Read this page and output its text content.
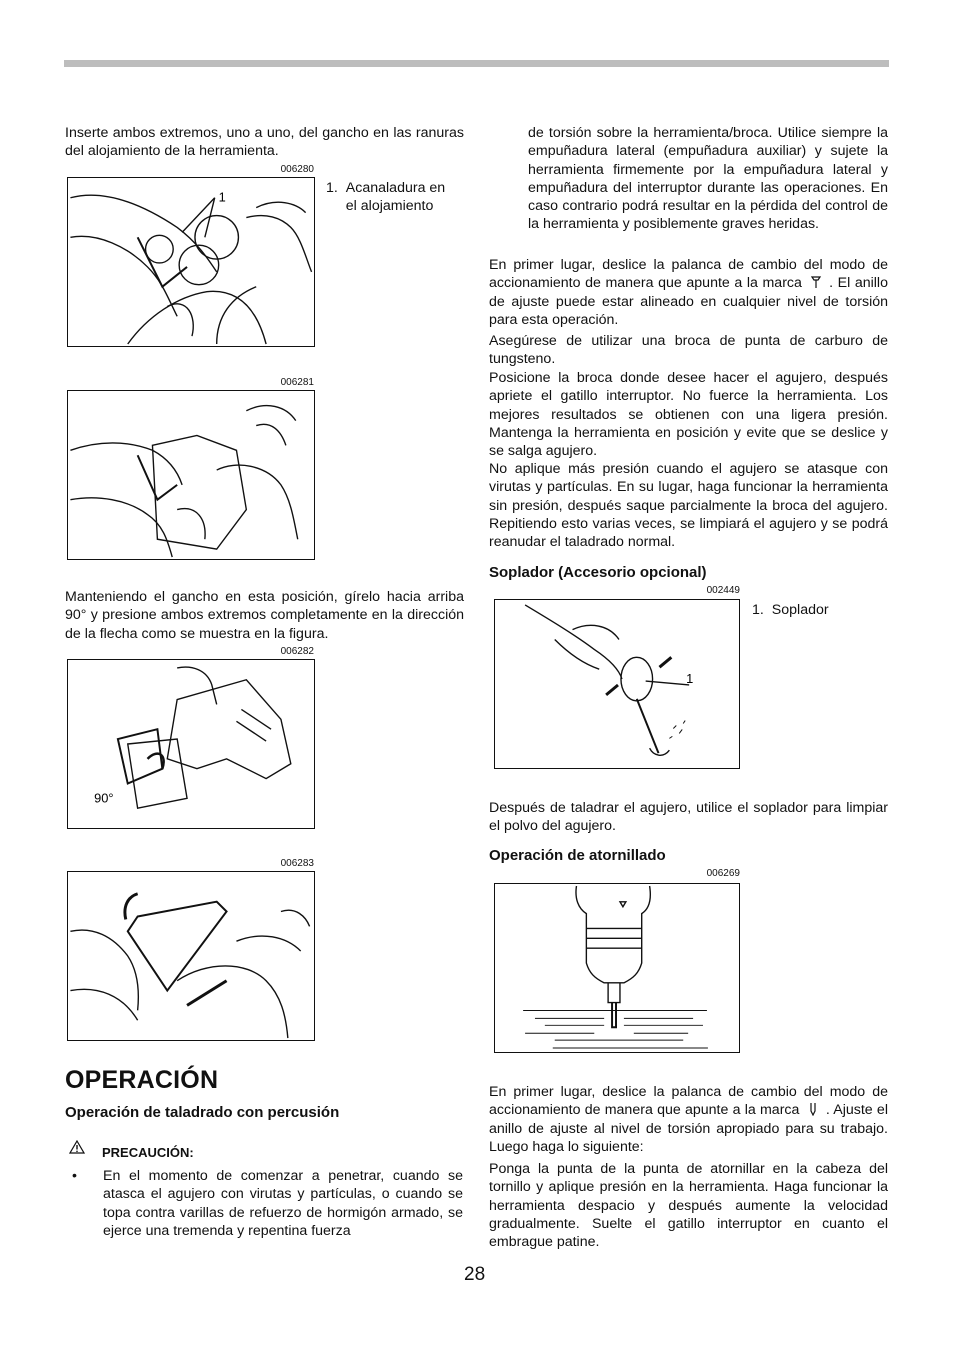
Inserte ambos extremos, uno a uno, del gancho en las ranuras del alojamiento de la herramienta.

006280
1
1. Acanaladura en el alojamiento
006281

Manteniendo el gancho en esta posición, gírelo hacia arriba 90° y presione ambos extremos completamente en la dirección de la flecha como se muestra en la figura.

006282
90°
006283
OPERACIÓN
Operación de taladrado con percusión
PRECAUCIÓN:
• En el momento de comenzar a penetrar, cuando se atasca el agujero con virutas y partículas, o cuando se topa contra varillas de refuerzo de hormigón armado, se ejerce una tremenda y repentina fuerza

de torsión sobre la herramienta/broca. Utilice siempre la empuñadura lateral (empuñadura auxiliar) y sujete la herramienta firmemente por la empuñadura lateral y empuñadura del interruptor durante las operaciones. En caso contrario podrá resultar en la pérdida del control de la herramienta y posiblemente graves heridas.

En primer lugar, deslice la palanca de cambio del modo de accionamiento de manera que apunte a la marca . El anillo de ajuste puede estar alineado en cualquier nivel de torsión para esta operación.

Asegúrese de utilizar una broca de punta de carburo de tungsteno.

Posicione la broca donde desee hacer el agujero, después apriete el gatillo interruptor. No fuerce la herramienta. Los mejores resultados se obtienen con una ligera presión. Mantenga la herramienta en posición y evite que se deslice y se salga agujero.

No aplique más presión cuando el agujero se atasque con virutas y partículas. En su lugar, haga funcionar la herramienta sin presión, después saque parcialmente la broca del agujero. Repitiendo esto varias veces, se limpiará el agujero y se podrá reanudar el taladrado normal.

Soplador (Accesorio opcional)
002449
1
1. Soplador

Después de taladrar el agujero, utilice el soplador para limpiar el polvo del agujero.

Operación de atornillado
006269

En primer lugar, deslice la palanca de cambio del modo de accionamiento de manera que apunte a la marca . Ajuste el anillo de ajuste al nivel de torsión apropiado para su trabajo. Luego haga lo siguiente:

Ponga la punta de la punta de atornillar en la cabeza del tornillo y aplique presión en la herramienta. Haga funcionar la herramienta despacio y después aumente la velocidad gradualmente. Suelte el gatillo interruptor en cuanto el embrague patine.

28
